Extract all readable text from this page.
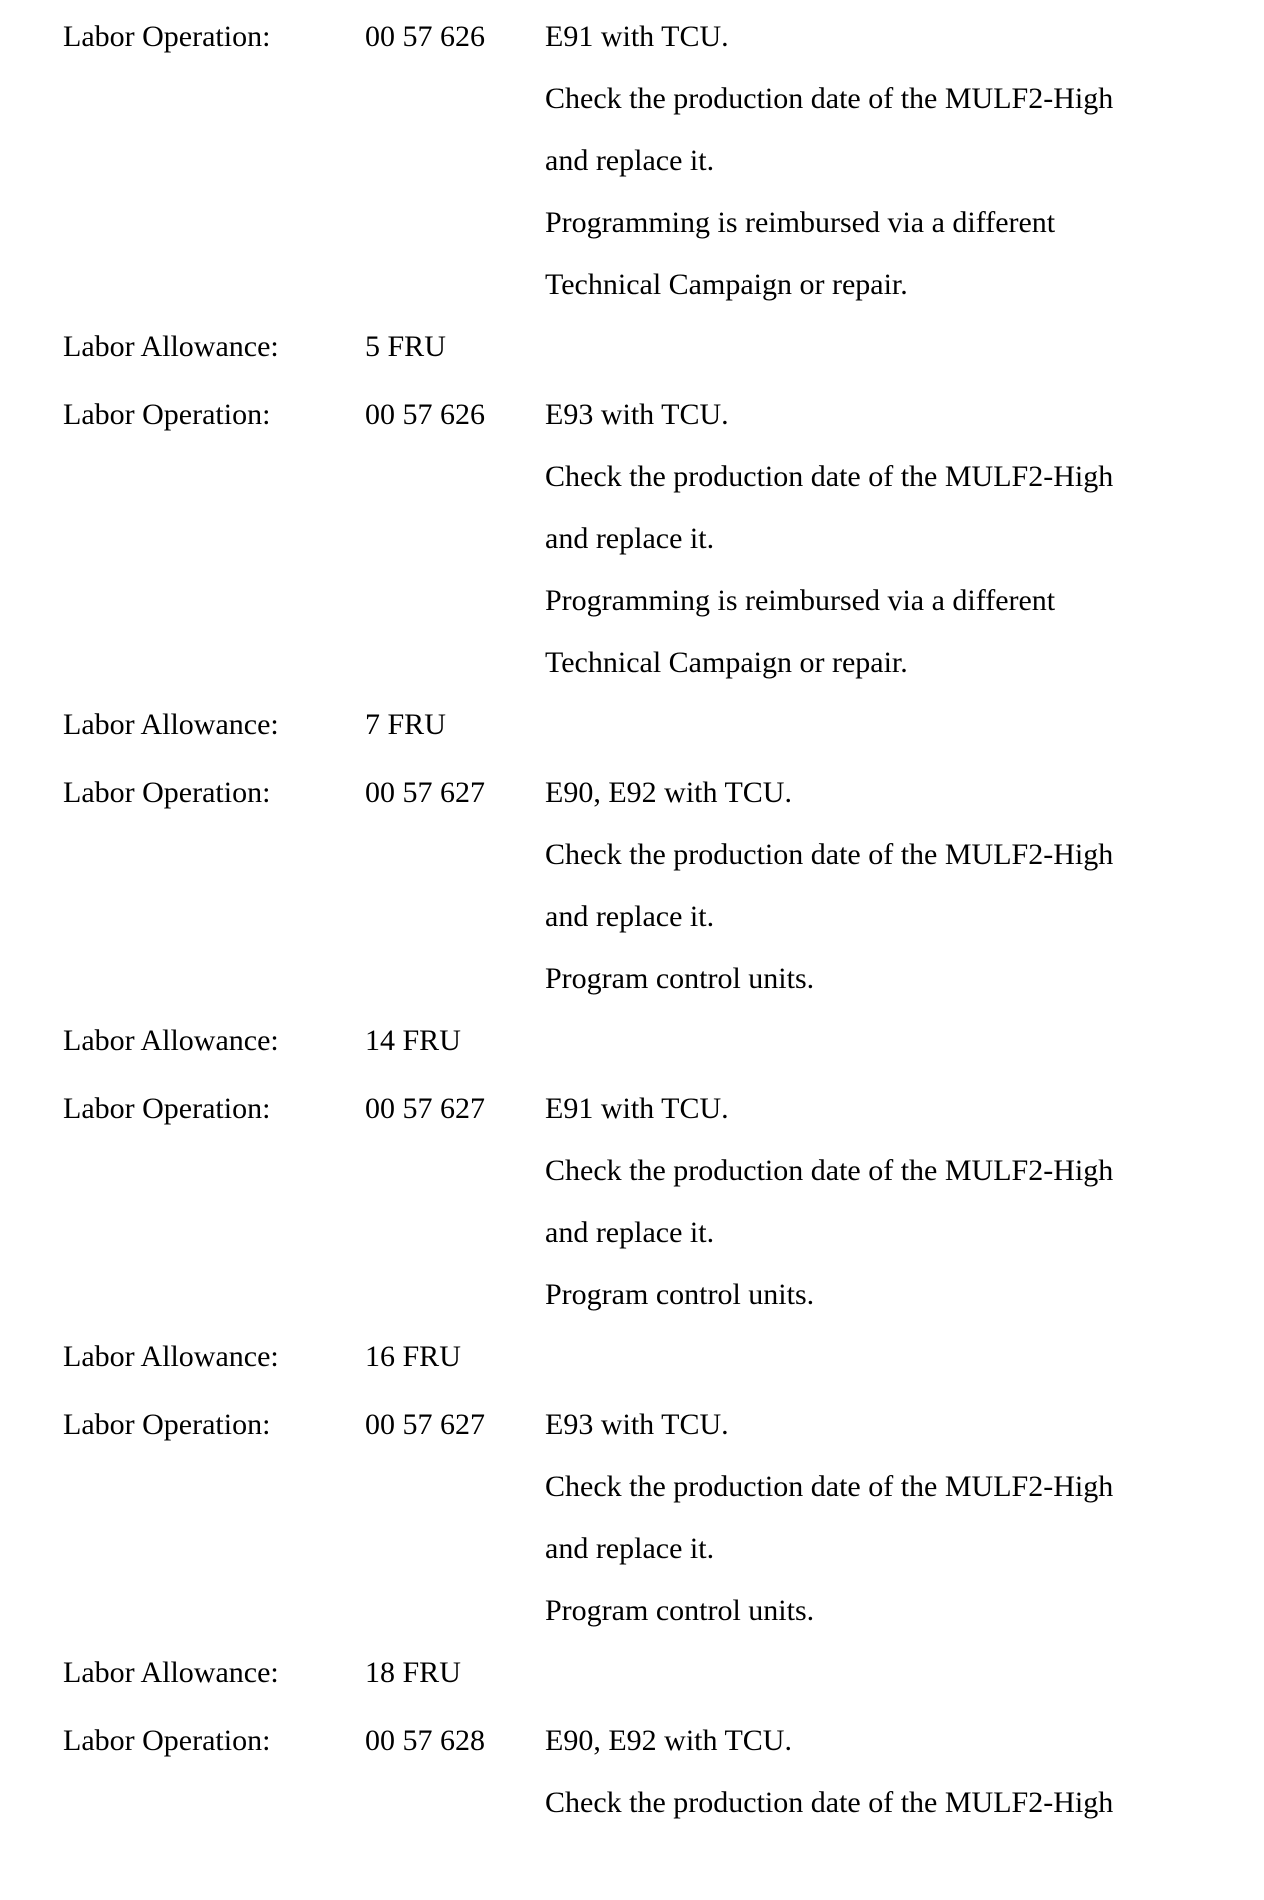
Labor Operation:	00 57 626 E91 with TCU.
Check the production date of the MULF2-High
and replace it.
Programming is reimbursed via a different
Technical Campaign or repair.
Labor Allowance:	5 FRU
Labor Operation:	00 57 626 E93 with TCU.
Check the production date of the MULF2-High
and replace it.
Programming is reimbursed via a different
Technical Campaign or repair.
Labor Allowance:	7 FRU
Labor Operation:	00 57 627 E90, E92 with TCU.
Check the production date of the MULF2-High
and replace it.
Program control units.
Labor Allowance:	14 FRU
Labor Operation:	00 57 627 E91 with TCU.
Check the production date of the MULF2-High
and replace it.
Program control units.
Labor Allowance:	16 FRU
Labor Operation:	00 57 627 E93 with TCU.
Check the production date of the MULF2-High
and replace it.
Program control units.
Labor Allowance:	18 FRU
Labor Operation:	00 57 628 E90, E92 with TCU.
Check the production date of the MULF2-High
